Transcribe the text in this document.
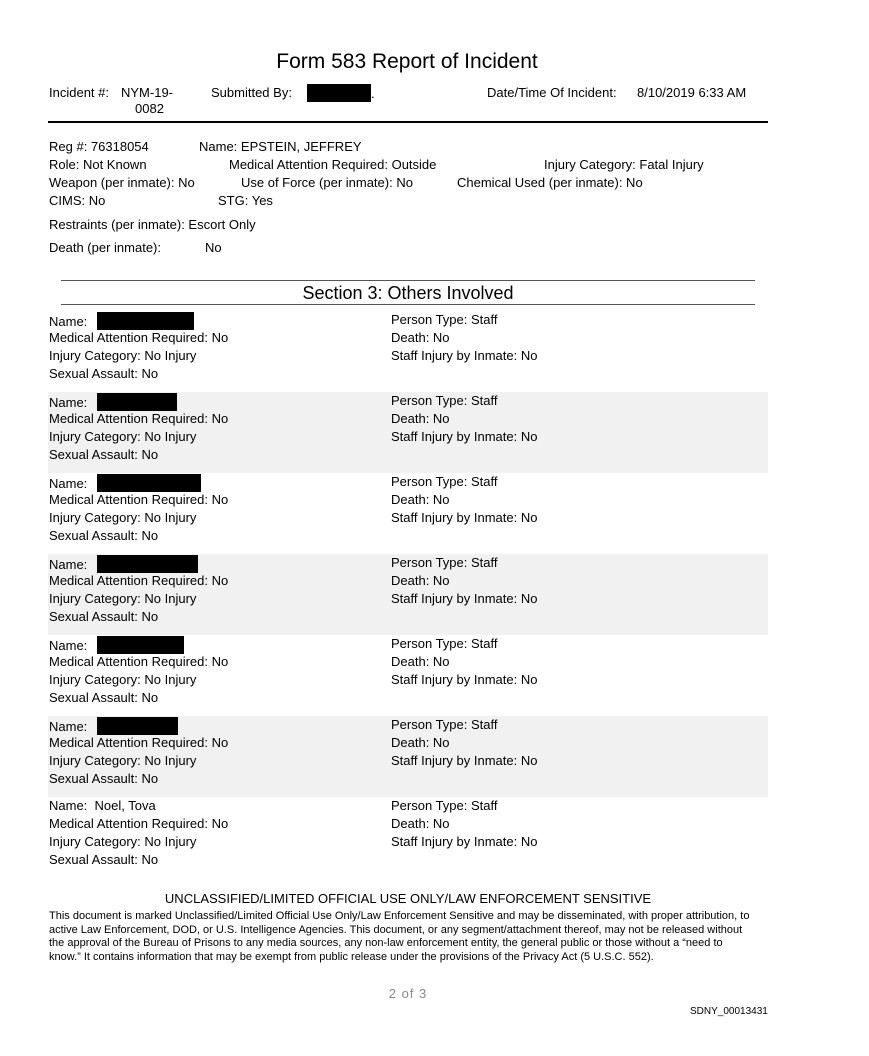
Form 583 Report of Incident
Incident #: NYM-19-
0082
Submitted By:	.	Date/Time Of Incident: 8/10/2019 6:33 AM
Reg #: 76318054	Name: EPSTEIN, JEFFREY
Role: Not Known	Medical Attention Required: Outside	Injury Category: Fatal Injury
Weapon (per inmate): No	Use of Force (per inmate): No	Chemical Used (per inmate): No
CIMS: No	STG: Yes
Restraints (per inmate): Escort Only
Death (per inmate):	No
Section 3: Others Involved
Name:
Medical Attention Required: No
Injury Category: No Injury
Sexual Assault: No
Person Type: Staff
Death: No
Staff Injury by Inmate: No
Name:
Medical Attention Required: No
Injury Category: No Injury
Sexual Assault: No
Person Type: Staff
Death: No
Staff Injury by Inmate: No
Name:
Medical Attention Required: No
Injury Category: No Injury
Sexual Assault: No
Person Type: Staff
Death: No
Staff Injury by Inmate: No
Name:
Medical Attention Required: No
Injury Category: No Injury
Sexual Assault: No
Person Type: Staff
Death: No
Staff Injury by Inmate: No
Name:
Medical Attention Required: No
Injury Category: No Injury
Sexual Assault: No
Person Type: Staff
Death: No
Staff Injury by Inmate: No
Name:
Medical Attention Required: No
Injury Category: No Injury
Sexual Assault: No
Person Type: Staff
Death: No
Staff Injury by Inmate: No
Name: Noel, Tova
Medical Attention Required: No
Injury Category: No Injury
Sexual Assault: No
Person Type: Staff
Death: No
Staff Injury by Inmate: No
UNCLASSIFIED/LIMITED OFFICIAL USE ONLY/LAW ENFORCEMENT SENSITIVE
This document is marked Unclassified/Limited Official Use Only/Law Enforcement Sensitive and may be disseminated, with proper attribution, to active Law Enforcement, DOD, or U.S. Intelligence Agencies. This document, or any segment/attachment thereof, may not be released without the approval of the Bureau of Prisons to any media sources, any non-law enforcement entity, the general public or those without a “need to know.” It contains information that may be exempt from public release under the provisions of the Privacy Act (5 U.S.C. 552).
2 of 3
SDNY_00013431
